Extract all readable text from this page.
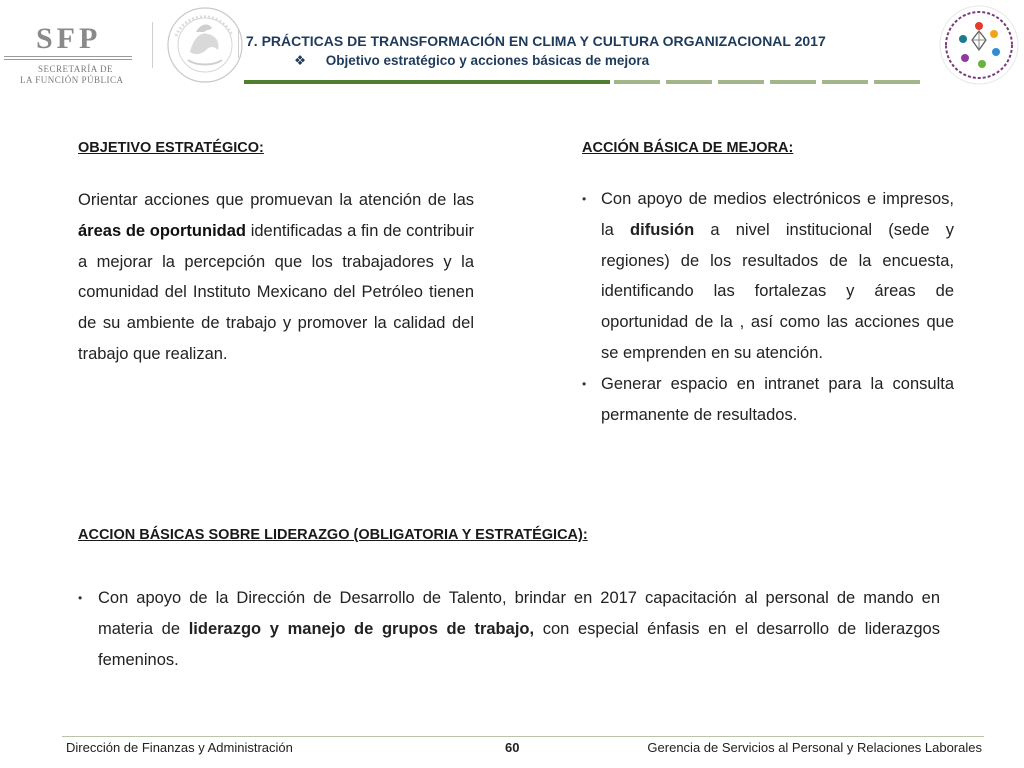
SFP
SECRETARÍA DE
LA FUNCIÓN PÚBLICA
7. PRÁCTICAS DE TRANSFORMACIÓN EN CLIMA Y CULTURA ORGANIZACIONAL 2017
❖ Objetivo estratégico y acciones básicas de mejora
OBJETIVO ESTRATÉGICO:
Orientar acciones que promuevan la atención de las áreas de oportunidad identificadas a fin de contribuir a mejorar la percepción que los trabajadores y la comunidad del Instituto Mexicano del Petróleo tienen de su ambiente de trabajo y promover la calidad del trabajo que realizan.
ACCIÓN BÁSICA DE MEJORA:
• Con apoyo de medios electrónicos e impresos, la difusión a nivel institucional (sede y regiones) de los resultados de la encuesta, identificando las fortalezas y áreas de oportunidad de la , así como las acciones que se emprenden en su atención.
• Generar espacio en intranet para la consulta permanente de resultados.
ACCION BÁSICAS SOBRE LIDERAZGO (OBLIGATORIA Y ESTRATÉGICA):
• Con apoyo de la Dirección de Desarrollo de Talento, brindar en 2017 capacitación al personal de mando en materia de liderazgo y manejo de grupos de trabajo, con especial énfasis en el desarrollo de liderazgos femeninos.
Dirección de Finanzas y Administración	60	Gerencia de Servicios al Personal y Relaciones Laborales
